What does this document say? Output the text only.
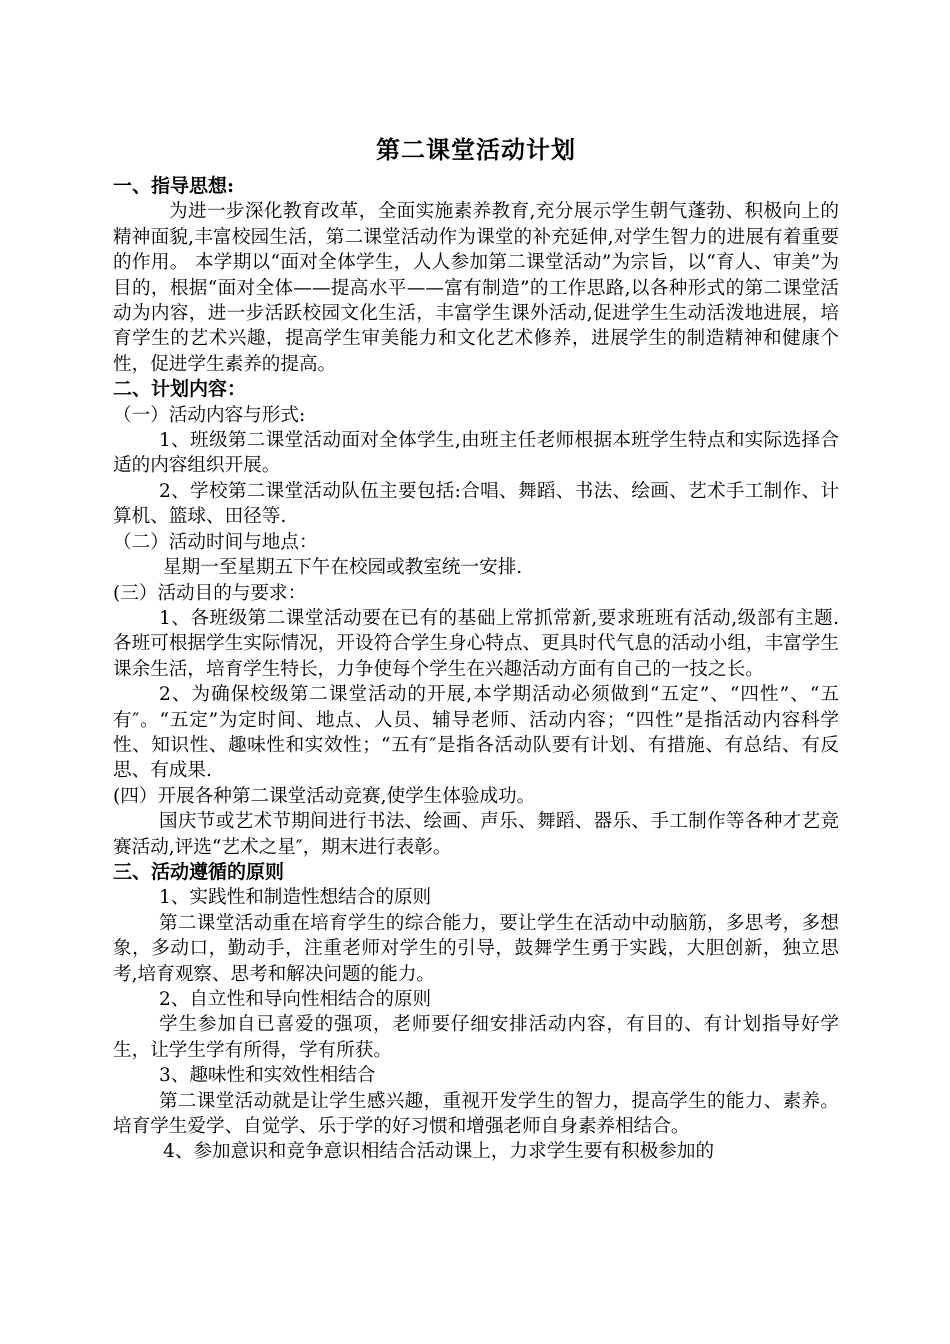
第二课堂活动计划
一、指导思想:
为进一步深化教育改革，全面实施素养教育,充分展示学生朝气蓬勃、积极向上的精神面貌,丰富校园生活，第二课堂活动作为课堂的补充延伸,对学生智力的进展有着重要的作用。 本学期以“面对全体学生，人人参加第二课堂活动”为宗旨，以“育人、审美”为目的，根据“面对全体——提高水平——富有制造”的工作思路,以各种形式的第二课堂活动为内容，进一步活跃校园文化生活，丰富学生课外活动,促进学生生动活泼地进展，培育学生的艺术兴趣，提高学生审美能力和文化艺术修养，进展学生的制造精神和健康个性，促进学生素养的提高。
二、计划内容：
（一）活动内容与形式:
1、班级第二课堂活动面对全体学生,由班主任老师根据本班学生特点和实际选择合适的内容组织开展。
2、学校第二课堂活动队伍主要包括:合唱、舞蹈、书法、绘画、艺术手工制作、计算机、篮球、田径等.
（二）活动时间与地点：
星期一至星期五下午在校园或教室统一安排.
(三）活动目的与要求：
1、各班级第二课堂活动要在已有的基础上常抓常新,要求班班有活动,级部有主题.各班可根据学生实际情况，开设符合学生身心特点、更具时代气息的活动小组，丰富学生课余生活，培育学生特长，力争使每个学生在兴趣活动方面有自己的一技之长。
2、为确保校级第二课堂活动的开展,本学期活动必须做到“五定”、“四性”、“五有″。“五定”为定时间、地点、人员、辅导老师、活动内容；“四性”是指活动内容科学性、知识性、趣味性和实效性；“五有″是指各活动队要有计划、有措施、有总结、有反思、有成果.
(四）开展各种第二课堂活动竞赛,使学生体验成功。
国庆节或艺术节期间进行书法、绘画、声乐、舞蹈、器乐、手工制作等各种才艺竞赛活动,评选“艺术之星″，期末进行表彰。
三、活动遵循的原则
1、实践性和制造性想结合的原则
第二课堂活动重在培育学生的综合能力，要让学生在活动中动脑筋，多思考，多想象，多动口，勤动手，注重老师对学生的引导，鼓舞学生勇于实践，大胆创新，独立思考,培育观察、思考和解决问题的能力。
2、自立性和导向性相结合的原则
学生参加自已喜爱的强项，老师要仔细安排活动内容，有目的、有计划指导好学生，让学生学有所得，学有所获。
3、趣味性和实效性相结合
第二课堂活动就是让学生感兴趣，重视开发学生的智力，提高学生的能力、素养。培育学生爱学、自觉学、乐于学的好习惯和增强老师自身素养相结合。
4、参加意识和竞争意识相结合活动课上，力求学生要有积极参加的
